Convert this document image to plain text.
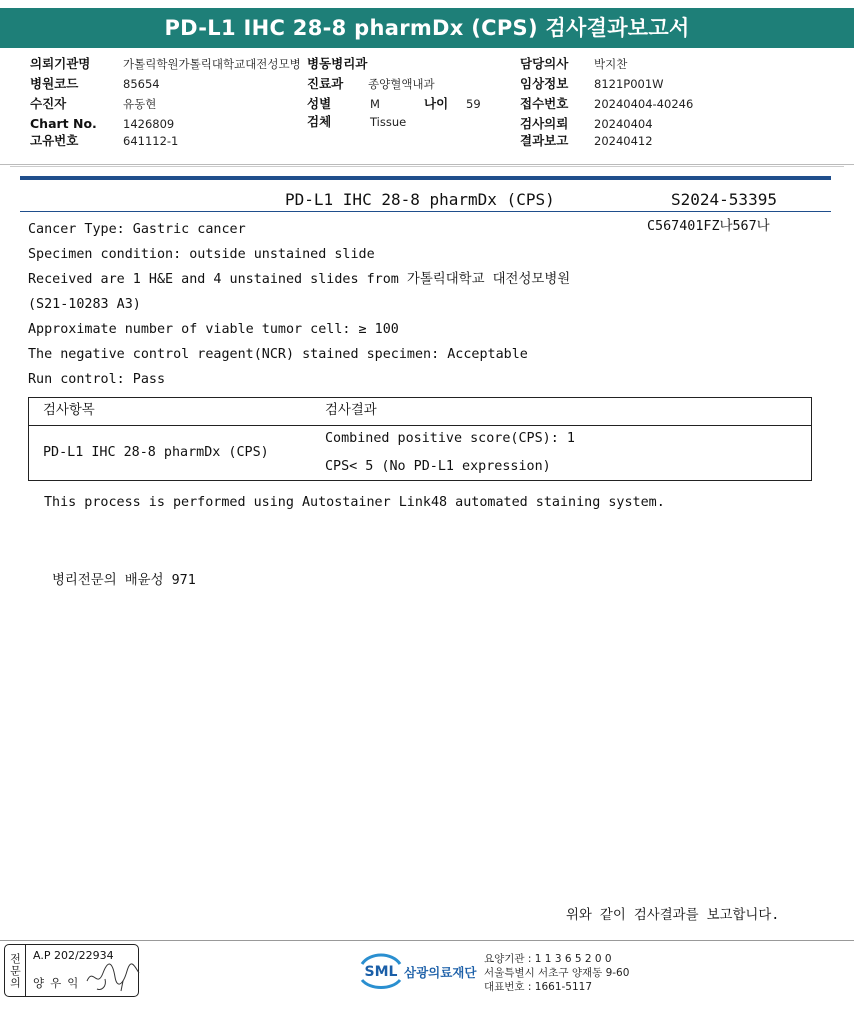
PD-L1 IHC 28-8 pharmDx (CPS) 검사결과보고서
의뢰기관명	가톨릭학원가톨릭대학교대전성모병
병원코드	85654
수진자	유동현
Chart No. 1426809
고유번호	641112-1
병동병리과
진료과 종양혈액내과
성별	M	나이 59
검체	Tissue
담당의사 박지찬
임상정보 8121P001W
접수번호 20240404-40246
검사의뢰 20240404
결과보고 20240412
PD-L1 IHC 28-8 pharmDx (CPS)	S2024-53395
C567401FZ나567나
Cancer Type: Gastric cancer
Specimen condition: outside unstained slide
Received are 1 H&E and 4 unstained slides from 가톨릭대학교 대전성모병원
(S21-10283 A3)
Approximate number of viable tumor cell: ≥ 100
The negative control reagent(NCR) stained specimen: Acceptable
Run control: Pass
검사항목	검사결과
PD-L1 IHC 28-8 pharmDx (CPS)
Combined positive score(CPS): 1
CPS< 5 (No PD-L1 expression)
This process is performed using Autostainer Link48 automated staining system.
병리전문의 배윤성 971
위와 같이 검사결과를 보고합니다.
전문의 A.P 202/22934
양우익
SML 삼광의료재단
요양기관 : 1 1 3 6 5 2 0 0
서울특별시 서초구 양재동 9-60
대표번호 : 1661-5117
